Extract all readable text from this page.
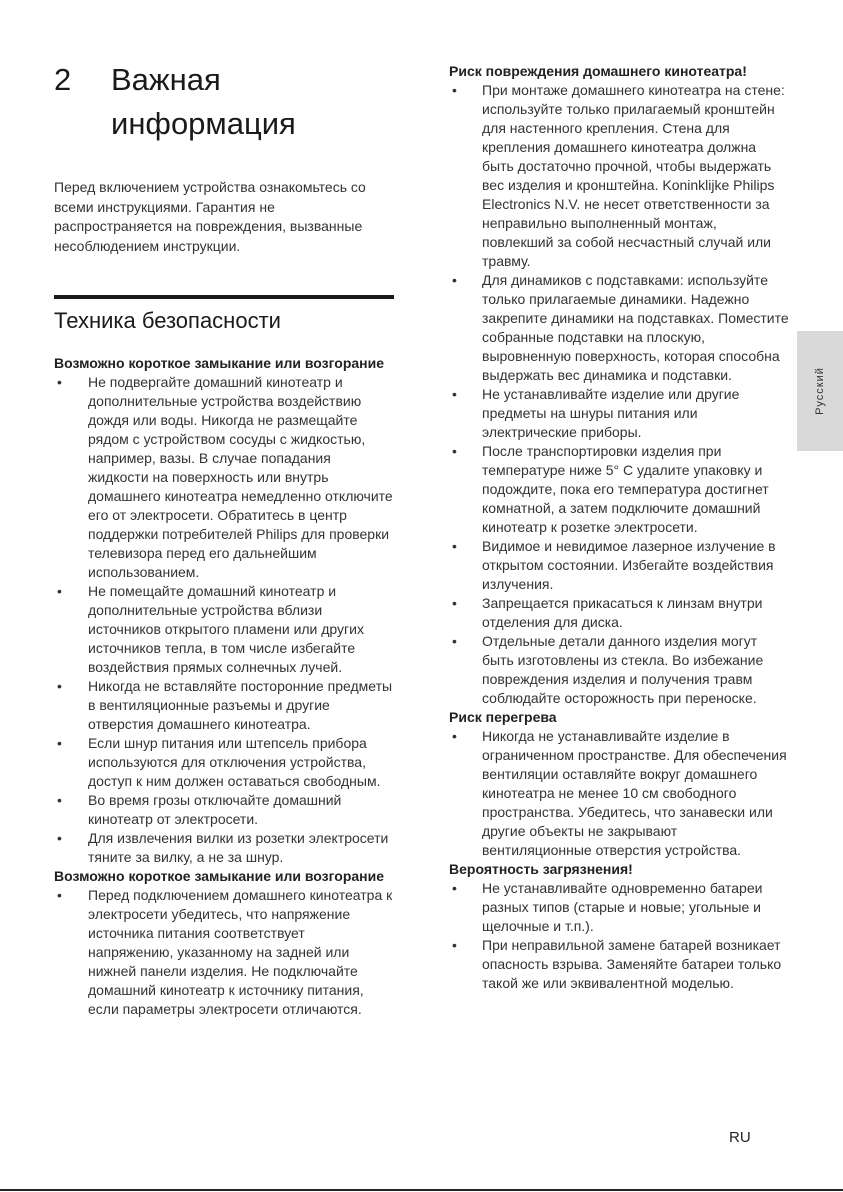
2 Важная информация
Перед включением устройства ознакомьтесь со всеми инструкциями. Гарантия не распространяется на повреждения, вызванные несоблюдением инструкции.
Техника безопасности
Возможно короткое замыкание или возгорание
• Не подвергайте домашний кинотеатр и дополнительные устройства воздействию дождя или воды. Никогда не размещайте рядом с устройством сосуды с жидкостью, например, вазы. В случае попадания жидкости на поверхность или внутрь домашнего кинотеатра немедленно отключите его от электросети. Обратитесь в центр поддержки потребителей Philips для проверки телевизора перед его дальнейшим использованием.
• Не помещайте домашний кинотеатр и дополнительные устройства вблизи источников открытого пламени или других источников тепла, в том числе избегайте воздействия прямых солнечных лучей.
• Никогда не вставляйте посторонние предметы в вентиляционные разъемы и другие отверстия домашнего кинотеатра.
• Если шнур питания или штепсель прибора используются для отключения устройства, доступ к ним должен оставаться свободным.
• Во время грозы отключайте домашний кинотеатр от электросети.
• Для извлечения вилки из розетки электросети тяните за вилку, а не за шнур.
Возможно короткое замыкание или возгорание
• Перед подключением домашнего кинотеатра к электросети убедитесь, что напряжение источника питания соответствует напряжению, указанному на задней или нижней панели изделия. Не подключайте домашний кинотеатр к источнику питания, если параметры электросети отличаются.
Риск повреждения домашнего кинотеатра!
• При монтаже домашнего кинотеатра на стене: используйте только прилагаемый кронштейн для настенного крепления. Стена для крепления домашнего кинотеатра должна быть достаточно прочной, чтобы выдержать вес изделия и кронштейна. Koninklijke Philips Electronics N.V. не несет ответственности за неправильно выполненный монтаж, повлекший за собой несчастный случай или травму.
• Для динамиков с подставками: используйте только прилагаемые динамики. Надежно закрепите динамики на подставках. Поместите собранные подставки на плоскую, выровненную поверхность, которая способна выдержать вес динамика и подставки.
• Не устанавливайте изделие или другие предметы на шнуры питания или электрические приборы.
• После транспортировки изделия при температуре ниже 5° C удалите упаковку и подождите, пока его температура достигнет комнатной, а затем подключите домашний кинотеатр к розетке электросети.
• Видимое и невидимое лазерное излучение в открытом состоянии. Избегайте воздействия излучения.
• Запрещается прикасаться к линзам внутри отделения для диска.
• Отдельные детали данного изделия могут быть изготовлены из стекла. Во избежание повреждения изделия и получения травм соблюдайте осторожность при переноске.
Риск перегрева
• Никогда не устанавливайте изделие в ограниченном пространстве. Для обеспечения вентиляции оставляйте вокруг домашнего кинотеатра не менее 10 см свободного пространства. Убедитесь, что занавески или другие объекты не закрывают вентиляционные отверстия устройства.
Вероятность загрязнения!
• Не устанавливайте одновременно батареи разных типов (старые и новые; угольные и щелочные и т.п.).
• При неправильной замене батарей возникает опасность взрыва. Заменяйте батареи только такой же или эквивалентной моделью.
Русский
RU
